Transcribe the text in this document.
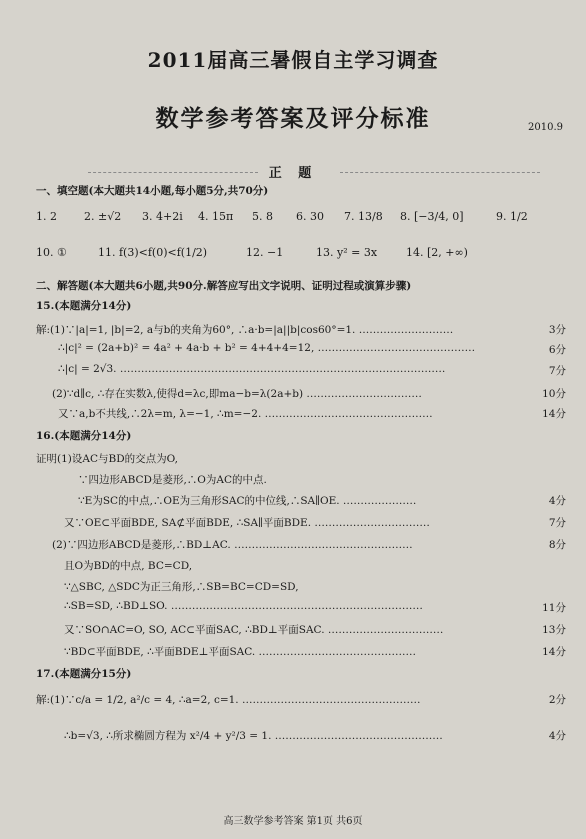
2011届高三暑假自主学习调查
数学参考答案及评分标准	2010.9
正 题
一、填空题(本大题共14小题,每小题5分,共70分)
1. 2	2. ±√2	3. 4+2i	4. 15π	5. 8	6. 30	7. 13/8	8. [−3/4, 0]	9. 1/2
10. ①	11. f(3)<f(0)<f(1/2)	12. −1	13. y² = 3x	14. [2, +∞)
二、解答题(本大题共6小题,共90分.解答应写出文字说明、证明过程或演算步骤)
15.(本题满分14分)
解:(1)∵|a|=1, |b|=2, a与b的夹角为60°, ∴a·b=|a||b|cos60°=1. ………………………	3分
∴|c|² = (2a+b)² = 4a² + 4a·b + b² = 4+4+4=12, ………………………………………	6分
∴|c| = 2√3. …………………………………………………………………………………	7分
(2)∵d∥c, ∴存在实数λ,使得d=λc,即ma−b=λ(2a+b) ……………………………	10分
又∵a,b不共线,∴2λ=m, λ=−1, ∴m=−2. …………………………………………	14分
16.(本题满分14分)
证明(1)设AC与BD的交点为O,
∵四边形ABCD是菱形,∴O为AC的中点.
∵E为SC的中点,∴OE为三角形SAC的中位线,∴SA∥OE. …………………	4分
又∵OE⊂平面BDE, SA⊄平面BDE, ∴SA∥平面BDE. ……………………………	7分
(2)∵四边形ABCD是菱形,∴BD⊥AC. ……………………………………………	8分
且O为BD的中点, BC=CD,
∵△SBC, △SDC为正三角形,∴SB=BC=CD=SD,
∴SB=SD, ∴BD⊥SO. ………………………………………………………………	11分
又∵SO∩AC=O, SO, AC⊂平面SAC, ∴BD⊥平面SAC. ……………………………	13分
∵BD⊂平面BDE, ∴平面BDE⊥平面SAC. ………………………………………	14分
17.(本题满分15分)
解:(1)∵c/a = 1/2, a²/c = 4, ∴a=2, c=1. ……………………………………………	2分
∴b=√3, ∴所求椭圆方程为 x²/4 + y²/3 = 1. …………………………………………	4分
高三数学参考答案 第1页 共6页
